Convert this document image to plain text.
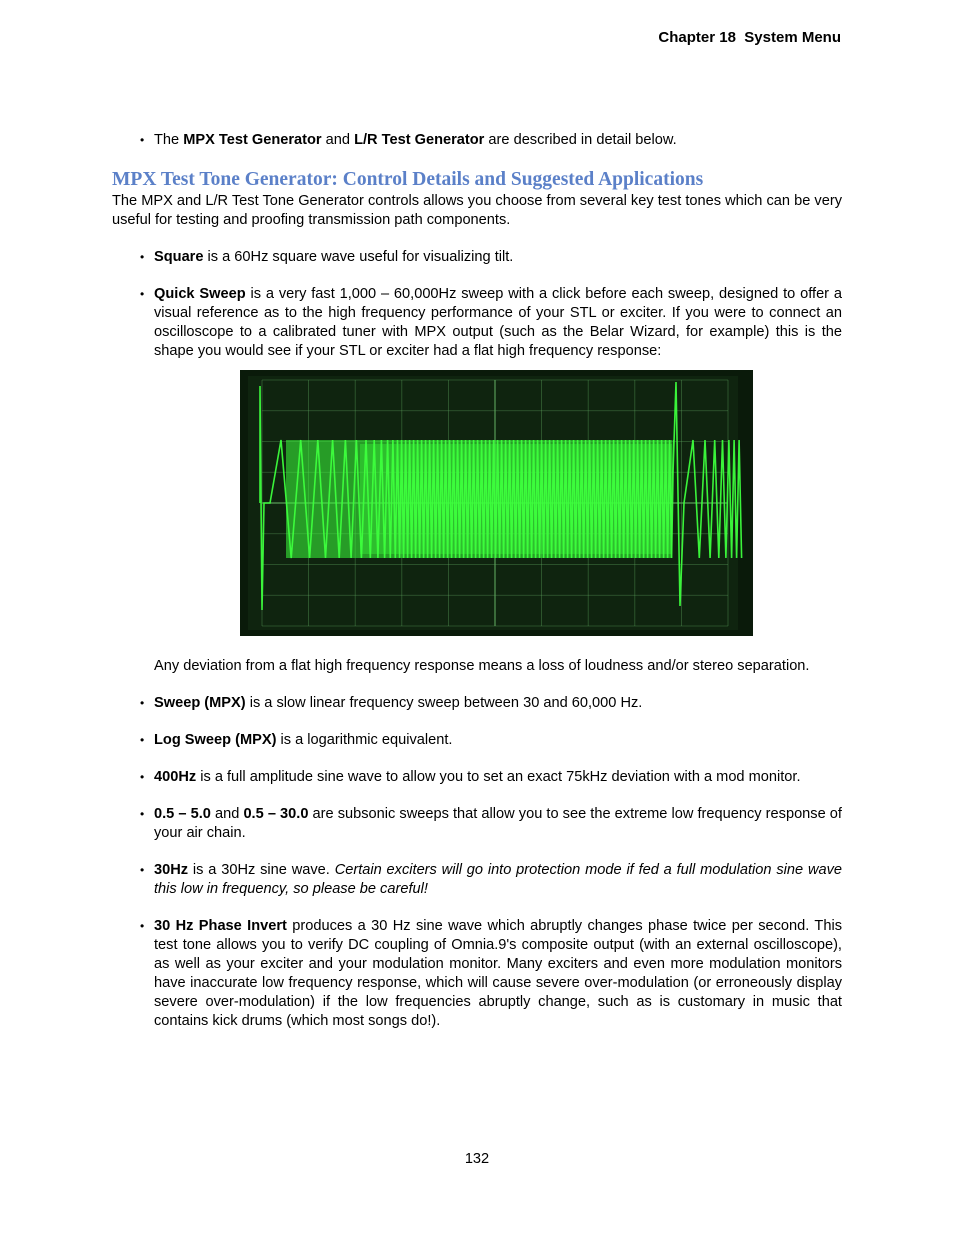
Chapter 18 System Menu

• The MPX Test Generator and L/R Test Generator are described in detail below.

MPX Test Tone Generator: Control Details and Suggested Applications

The MPX and L/R Test Tone Generator controls allows you choose from several key test tones which can be very useful for testing and proofing transmission path components.

• Square is a 60Hz square wave useful for visualizing tilt.

• Quick Sweep is a very fast 1,000 – 60,000Hz sweep with a click before each sweep, designed to offer a visual reference as to the high frequency performance of your STL or exciter. If you were to connect an oscilloscope to a calibrated tuner with MPX output (such as the Belar Wizard, for example) this is the shape you would see if your STL or exciter had a flat high frequency response:

Any deviation from a flat high frequency response means a loss of loudness and/or stereo separation.

• Sweep (MPX) is a slow linear frequency sweep between 30 and 60,000 Hz.

• Log Sweep (MPX) is a logarithmic equivalent.

• 400Hz is a full amplitude sine wave to allow you to set an exact 75kHz deviation with a mod monitor.

• 0.5 – 5.0 and 0.5 – 30.0 are subsonic sweeps that allow you to see the extreme low frequency response of your air chain.

• 30Hz is a 30Hz sine wave. Certain exciters will go into protection mode if fed a full modulation sine wave this low in frequency, so please be careful!

• 30 Hz Phase Invert produces a 30 Hz sine wave which abruptly changes phase twice per second. This test tone allows you to verify DC coupling of Omnia.9's composite output (with an external oscilloscope), as well as your exciter and your modulation monitor. Many exciters and even more modulation monitors have inaccurate low frequency response, which will cause severe over-modulation (or erroneously display severe over-modulation) if the low frequencies abruptly change, such as is customary in music that contains kick drums (which most songs do!).

132
